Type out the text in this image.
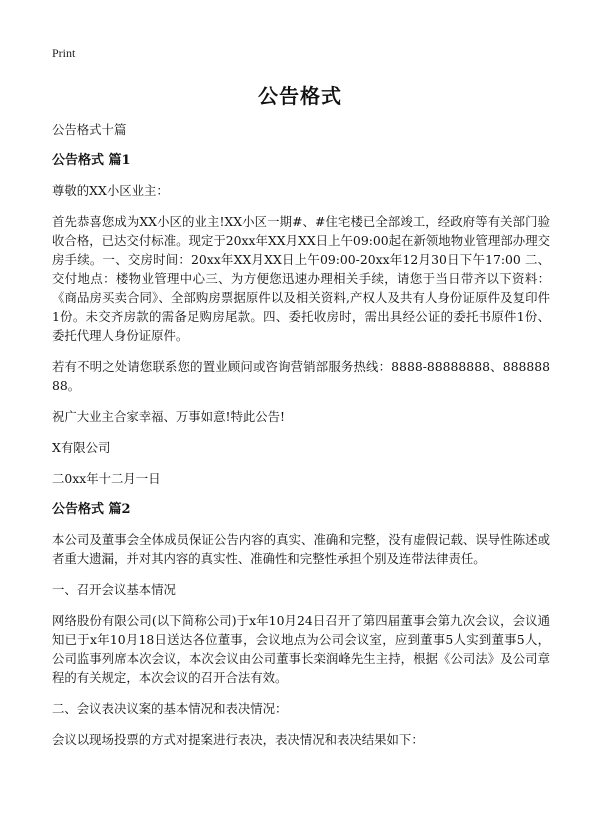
Print
公告格式

公告格式十篇

公告格式 篇1

尊敬的XX小区业主：

首先恭喜您成为XX小区的业主!XX小区一期#、#住宅楼已全部竣工，经政府等有关部门验收合格，已达交付标准。现定于20xx年XX月XX日上午09:00起在新领地物业管理部办理交房手续。一、交房时间：20xx年XX月XX日上午09:00-20xx年12月30日下午17:00 二、交付地点：楼物业管理中心三、为方便您迅速办理相关手续，请您于当日带齐以下资料：《商品房买卖合同》、全部购房票据原件以及相关资料,产权人及共有人身份证原件及复印件1份。未交齐房款的需备足购房尾款。四、委托收房时，需出具经公证的委托书原件1份、委托代理人身份证原件。

若有不明之处请您联系您的置业顾问或咨询营销部服务热线：8888-88888888、88888888。

祝广大业主合家幸福、万事如意!特此公告!

X有限公司

二0xx年十二月一日

公告格式 篇2

本公司及董事会全体成员保证公告内容的真实、准确和完整，没有虚假记载、误导性陈述或者重大遗漏，并对其内容的真实性、准确性和完整性承担个别及连带法律责任。

一、召开会议基本情况

网络股份有限公司(以下简称公司)于x年10月24日召开了第四届董事会第九次会议，会议通知已于x年10月18日送达各位董事，会议地点为公司会议室，应到董事5人实到董事5人，公司监事列席本次会议，本次会议由公司董事长栾润峰先生主持，根据《公司法》及公司章程的有关规定，本次会议的召开合法有效。

二、会议表决议案的基本情况和表决情况：

会议以现场投票的方式对提案进行表决，表决情况和表决结果如下：
